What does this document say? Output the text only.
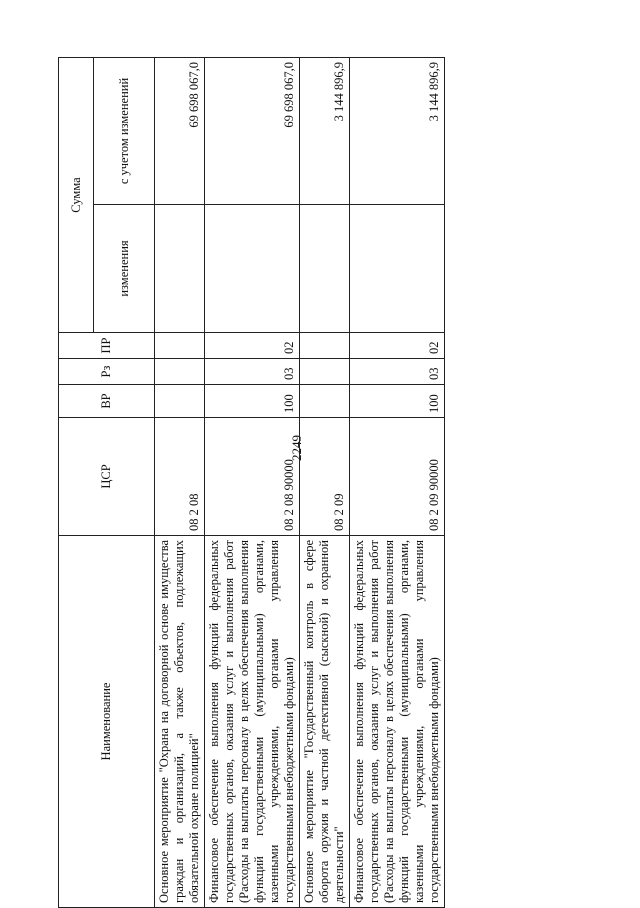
2249
Наименование	ЦСР	ВР	Рз	ПР	Сумма	
					изменения	с учетом изменений
Основное мероприятие "Охрана на договорной основе имущества граждан и организаций, а также объектов, подлежащих обязательной охране полицией"	08 2 08					69 698 067,0
Финансовое обеспечение выполнения функций федеральных государственных органов, оказания услуг и выполнения работ (Расходы на выплаты персоналу в целях обеспечения выполнения функций государственными (муниципальными) органами, казенными учреждениями, органами управления государственными внебюджетными фондами)	08 2 08 90000	100	03	02		69 698 067,0
Основное мероприятие "Государственный контроль в сфере оборота оружия и частной детективной (сыскной) и охранной деятельности"	08 2 09					3 144 896,9
Финансовое обеспечение выполнения функций федеральных государственных органов, оказания услуг и выполнения работ (Расходы на выплаты персоналу в целях обеспечения выполнения функций государственными (муниципальными) органами, казенными учреждениями, органами управления государственными внебюджетными фондами)	08 2 09 90000	100	03	02		3 144 896,9
